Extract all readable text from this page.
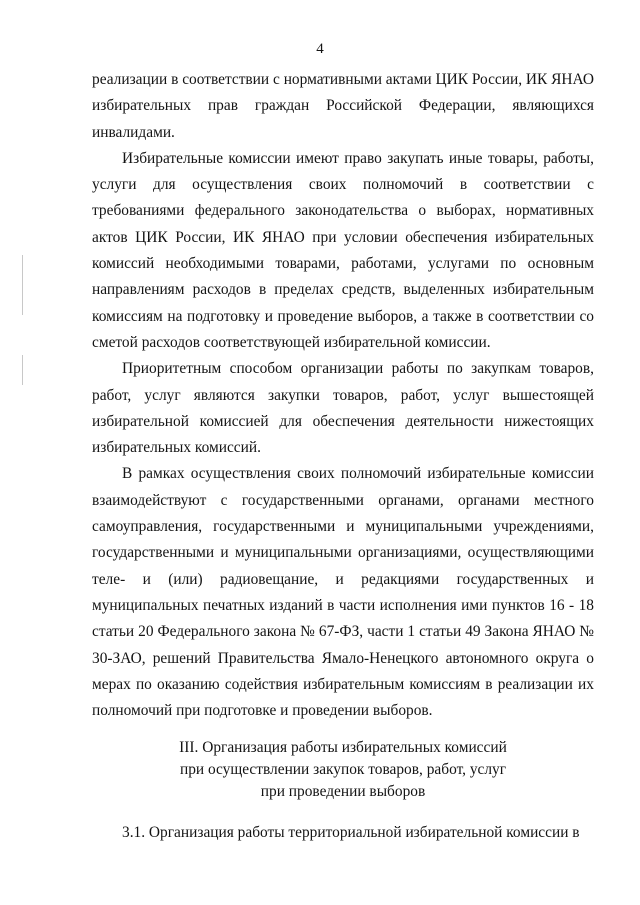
4

реализации в соответствии с нормативными актами ЦИК России, ИК ЯНАО избирательных прав граждан Российской Федерации, являющихся инвалидами.

Избирательные комиссии имеют право закупать иные товары, работы, услуги для осуществления своих полномочий в соответствии с требованиями федерального законодательства о выборах, нормативных актов ЦИК России, ИК ЯНАО при условии обеспечения избирательных комиссий необходимыми товарами, работами, услугами по основным направлениям расходов в пределах средств, выделенных избирательным комиссиям на подготовку и проведение выборов, а также в соответствии со сметой расходов соответствующей избирательной комиссии.

Приоритетным способом организации работы по закупкам товаров, работ, услуг являются закупки товаров, работ, услуг вышестоящей избирательной комиссией для обеспечения деятельности нижестоящих избирательных комиссий.

В рамках осуществления своих полномочий избирательные комиссии взаимодействуют с государственными органами, органами местного самоуправления, государственными и муниципальными учреждениями, государственными и муниципальными организациями, осуществляющими теле- и (или) радиовещание, и редакциями государственных и муниципальных печатных изданий в части исполнения ими пунктов 16 - 18 статьи 20 Федерального закона № 67-ФЗ, части 1 статьи 49 Закона ЯНАО № 30-ЗАО, решений Правительства Ямало-Ненецкого автономного округа о мерах по оказанию содействия избирательным комиссиям в реализации их полномочий при подготовке и проведении выборов.

III. Организация работы избирательных комиссий
при осуществлении закупок товаров, работ, услуг
при проведении выборов
3.1. Организация работы территориальной избирательной комиссии в
